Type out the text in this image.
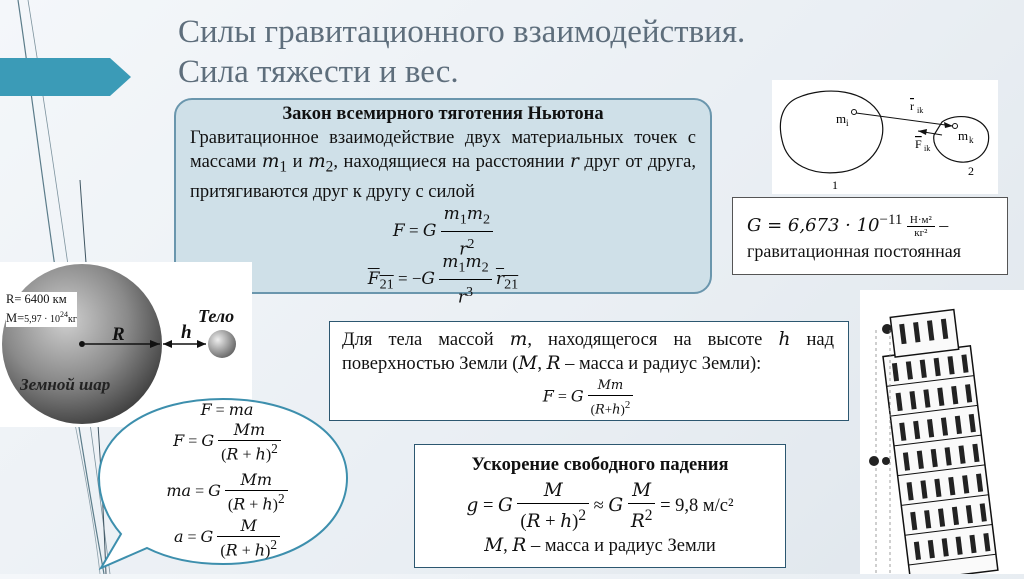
Силы гравитационного взаимодействия.
Сила тяжести и вес.
Закон всемирного тяготения Ньютона
Гравитационное взаимодействие двух материальных точек с массами $m_1$ и $m_2$, находящиеся на расстоянии r друг от друга, притягиваются друг к другу с силой
F = G $\frac{m_1m_2}{r^2}$
$\overline{F}_{21} = -G \frac{m_1m_2}{r^3} \overline{r}_{21}$
m i
m k
r ik
F ik
1
2
$G = 6,673 \cdot 10^{-11}$ Н·м²
кг² –
гравитационная постоянная
R	h
Тело
Земной шар
R= 6400 км
$M=5,97 \cdot 10^{24}кг$
Для тела массой m, находящегося на высоте h над поверхностью Земли (M, R – масса и радиус Земли):
F = G $\frac{Mm}{(R+h)^2}$
F = ma
F = G $\frac{Mm}{(R + h)^2}$
ma = G $\frac{Mm}{(R + h)^2}$
a = G $\frac{M}{(R + h)^2}$
Ускорение свободного падения
g = G $\frac{M}{(R + h)^2} \approx G \frac{M}{R^2} = 9,8$ м/с²
M, R – масса и радиус Земли
